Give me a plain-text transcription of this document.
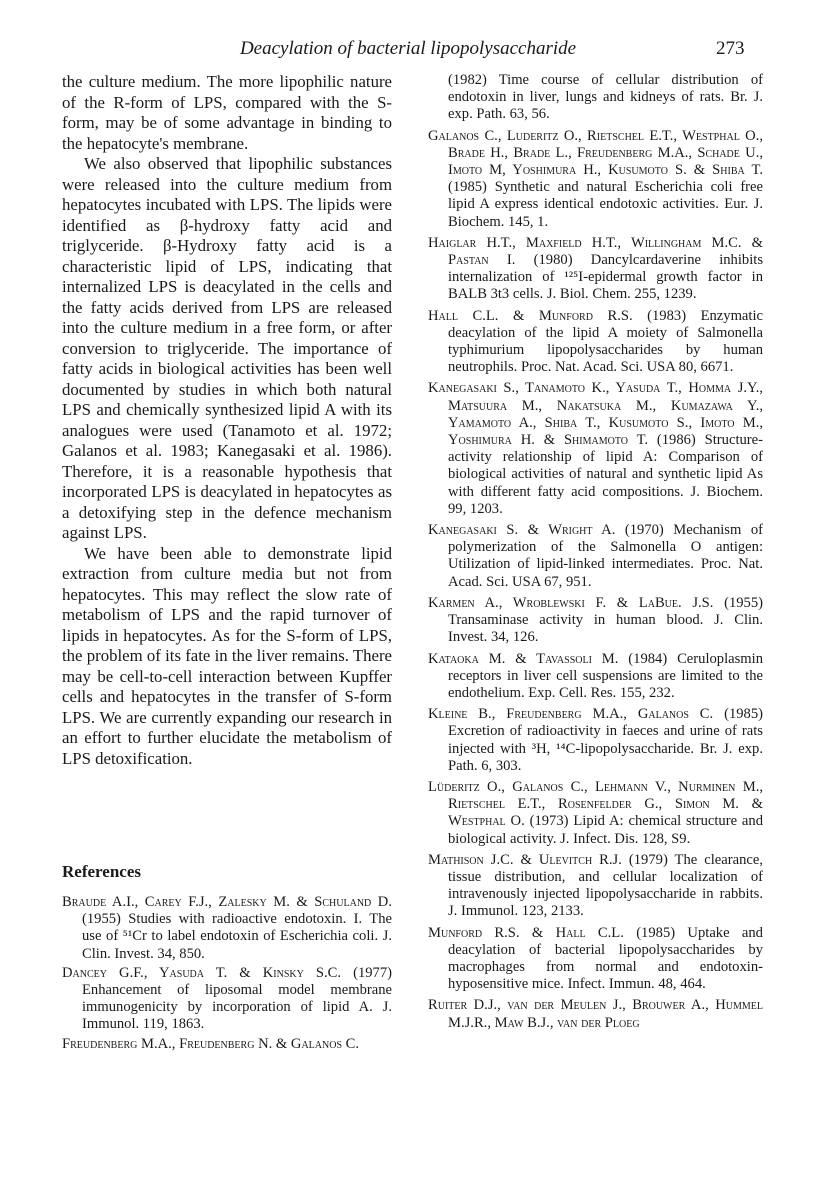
Deacylation of bacterial lipopolysaccharide	273

the culture medium. The more lipophilic nature of the R-form of LPS, compared with the S-form, may be of some advantage in binding to the hepatocyte's membrane.

We also observed that lipophilic substances were released into the culture medium from hepatocytes incubated with LPS. The lipids were identified as β-hydroxy fatty acid and triglyceride. β-Hydroxy fatty acid is a characteristic lipid of LPS, indicating that internalized LPS is deacylated in the cells and the fatty acids derived from LPS are released into the culture medium in a free form, or after conversion to triglyceride. The importance of fatty acids in biological activities has been well documented by studies in which both natural LPS and chemically synthesized lipid A with its analogues were used (Tanamoto et al. 1972; Galanos et al. 1983; Kanegasaki et al. 1986). Therefore, it is a reasonable hypothesis that incorporated LPS is deacylated in hepatocytes as a detoxifying step in the defence mechanism against LPS.

We have been able to demonstrate lipid extraction from culture media but not from hepatocytes. This may reflect the slow rate of metabolism of LPS and the rapid turnover of lipids in hepatocytes. As for the S-form of LPS, the problem of its fate in the liver remains. There may be cell-to-cell interaction between Kupffer cells and hepatocytes in the transfer of S-form LPS. We are currently expanding our research in an effort to further elucidate the metabolism of LPS detoxification.

References

Braude A.I., Carey F.J., Zalesky M. & Schuland D. (1955) Studies with radioactive endotoxin. I. The use of ⁵¹Cr to label endotoxin of Escherichia coli. J. Clin. Invest. 34, 850.

Dancey G.F., Yasuda T. & Kinsky S.C. (1977) Enhancement of liposomal model membrane immunogenicity by incorporation of lipid A. J. Immunol. 119, 1863.

Freudenberg M.A., Freudenberg N. & Galanos C.

(1982) Time course of cellular distribution of endotoxin in liver, lungs and kidneys of rats. Br. J. exp. Path. 63, 56.

Galanos C., Luderitz O., Rietschel E.T., Westphal O., Brade H., Brade L., Freudenberg M.A., Schade U., Imoto M, Yoshimura H., Kusumoto S. & Shiba T. (1985) Synthetic and natural Escherichia coli free lipid A express identical endotoxic activities. Eur. J. Biochem. 145, 1.

Haiglar H.T., Maxfield H.T., Willingham M.C. & Pastan I. (1980) Dancylcardaverine inhibits internalization of ¹²⁵I-epidermal growth factor in BALB 3t3 cells. J. Biol. Chem. 255, 1239.

Hall C.L. & Munford R.S. (1983) Enzymatic deacylation of the lipid A moiety of Salmonella typhimurium lipopolysaccharides by human neutrophils. Proc. Nat. Acad. Sci. USA 80, 6671.

Kanegasaki S., Tanamoto K., Yasuda T., Homma J.Y., Matsuura M., Nakatsuka M., Kumazawa Y., Yamamoto A., Shiba T., Kusumoto S., Imoto M., Yoshimura H. & Shimamoto T. (1986) Structure-activity relationship of lipid A: Comparison of biological activities of natural and synthetic lipid As with different fatty acid compositions. J. Biochem. 99, 1203.

Kanegasaki S. & Wright A. (1970) Mechanism of polymerization of the Salmonella O antigen: Utilization of lipid-linked intermediates. Proc. Nat. Acad. Sci. USA 67, 951.

Karmen A., Wroblewski F. & LaBue. J.S. (1955) Transaminase activity in human blood. J. Clin. Invest. 34, 126.

Kataoka M. & Tavassoli M. (1984) Ceruloplasmin receptors in liver cell suspensions are limited to the endothelium. Exp. Cell. Res. 155, 232.

Kleine B., Freudenberg M.A., Galanos C. (1985) Excretion of radioactivity in faeces and urine of rats injected with ³H, ¹⁴C-lipopolysaccharide. Br. J. exp. Path. 6, 303.

Lüderitz O., Galanos C., Lehmann V., Nurminen M., Rietschel E.T., Rosenfelder G., Simon M. & Westphal O. (1973) Lipid A: chemical structure and biological activity. J. Infect. Dis. 128, S9.

Mathison J.C. & Ulevitch R.J. (1979) The clearance, tissue distribution, and cellular localization of intravenously injected lipopolysaccharide in rabbits. J. Immunol. 123, 2133.

Munford R.S. & Hall C.L. (1985) Uptake and deacylation of bacterial lipopolysaccharides by macrophages from normal and endotoxin-hyposensitive mice. Infect. Immun. 48, 464.

Ruiter D.J., van der Meulen J., Brouwer A., Hummel M.J.R., Maw B.J., van der Ploeg
